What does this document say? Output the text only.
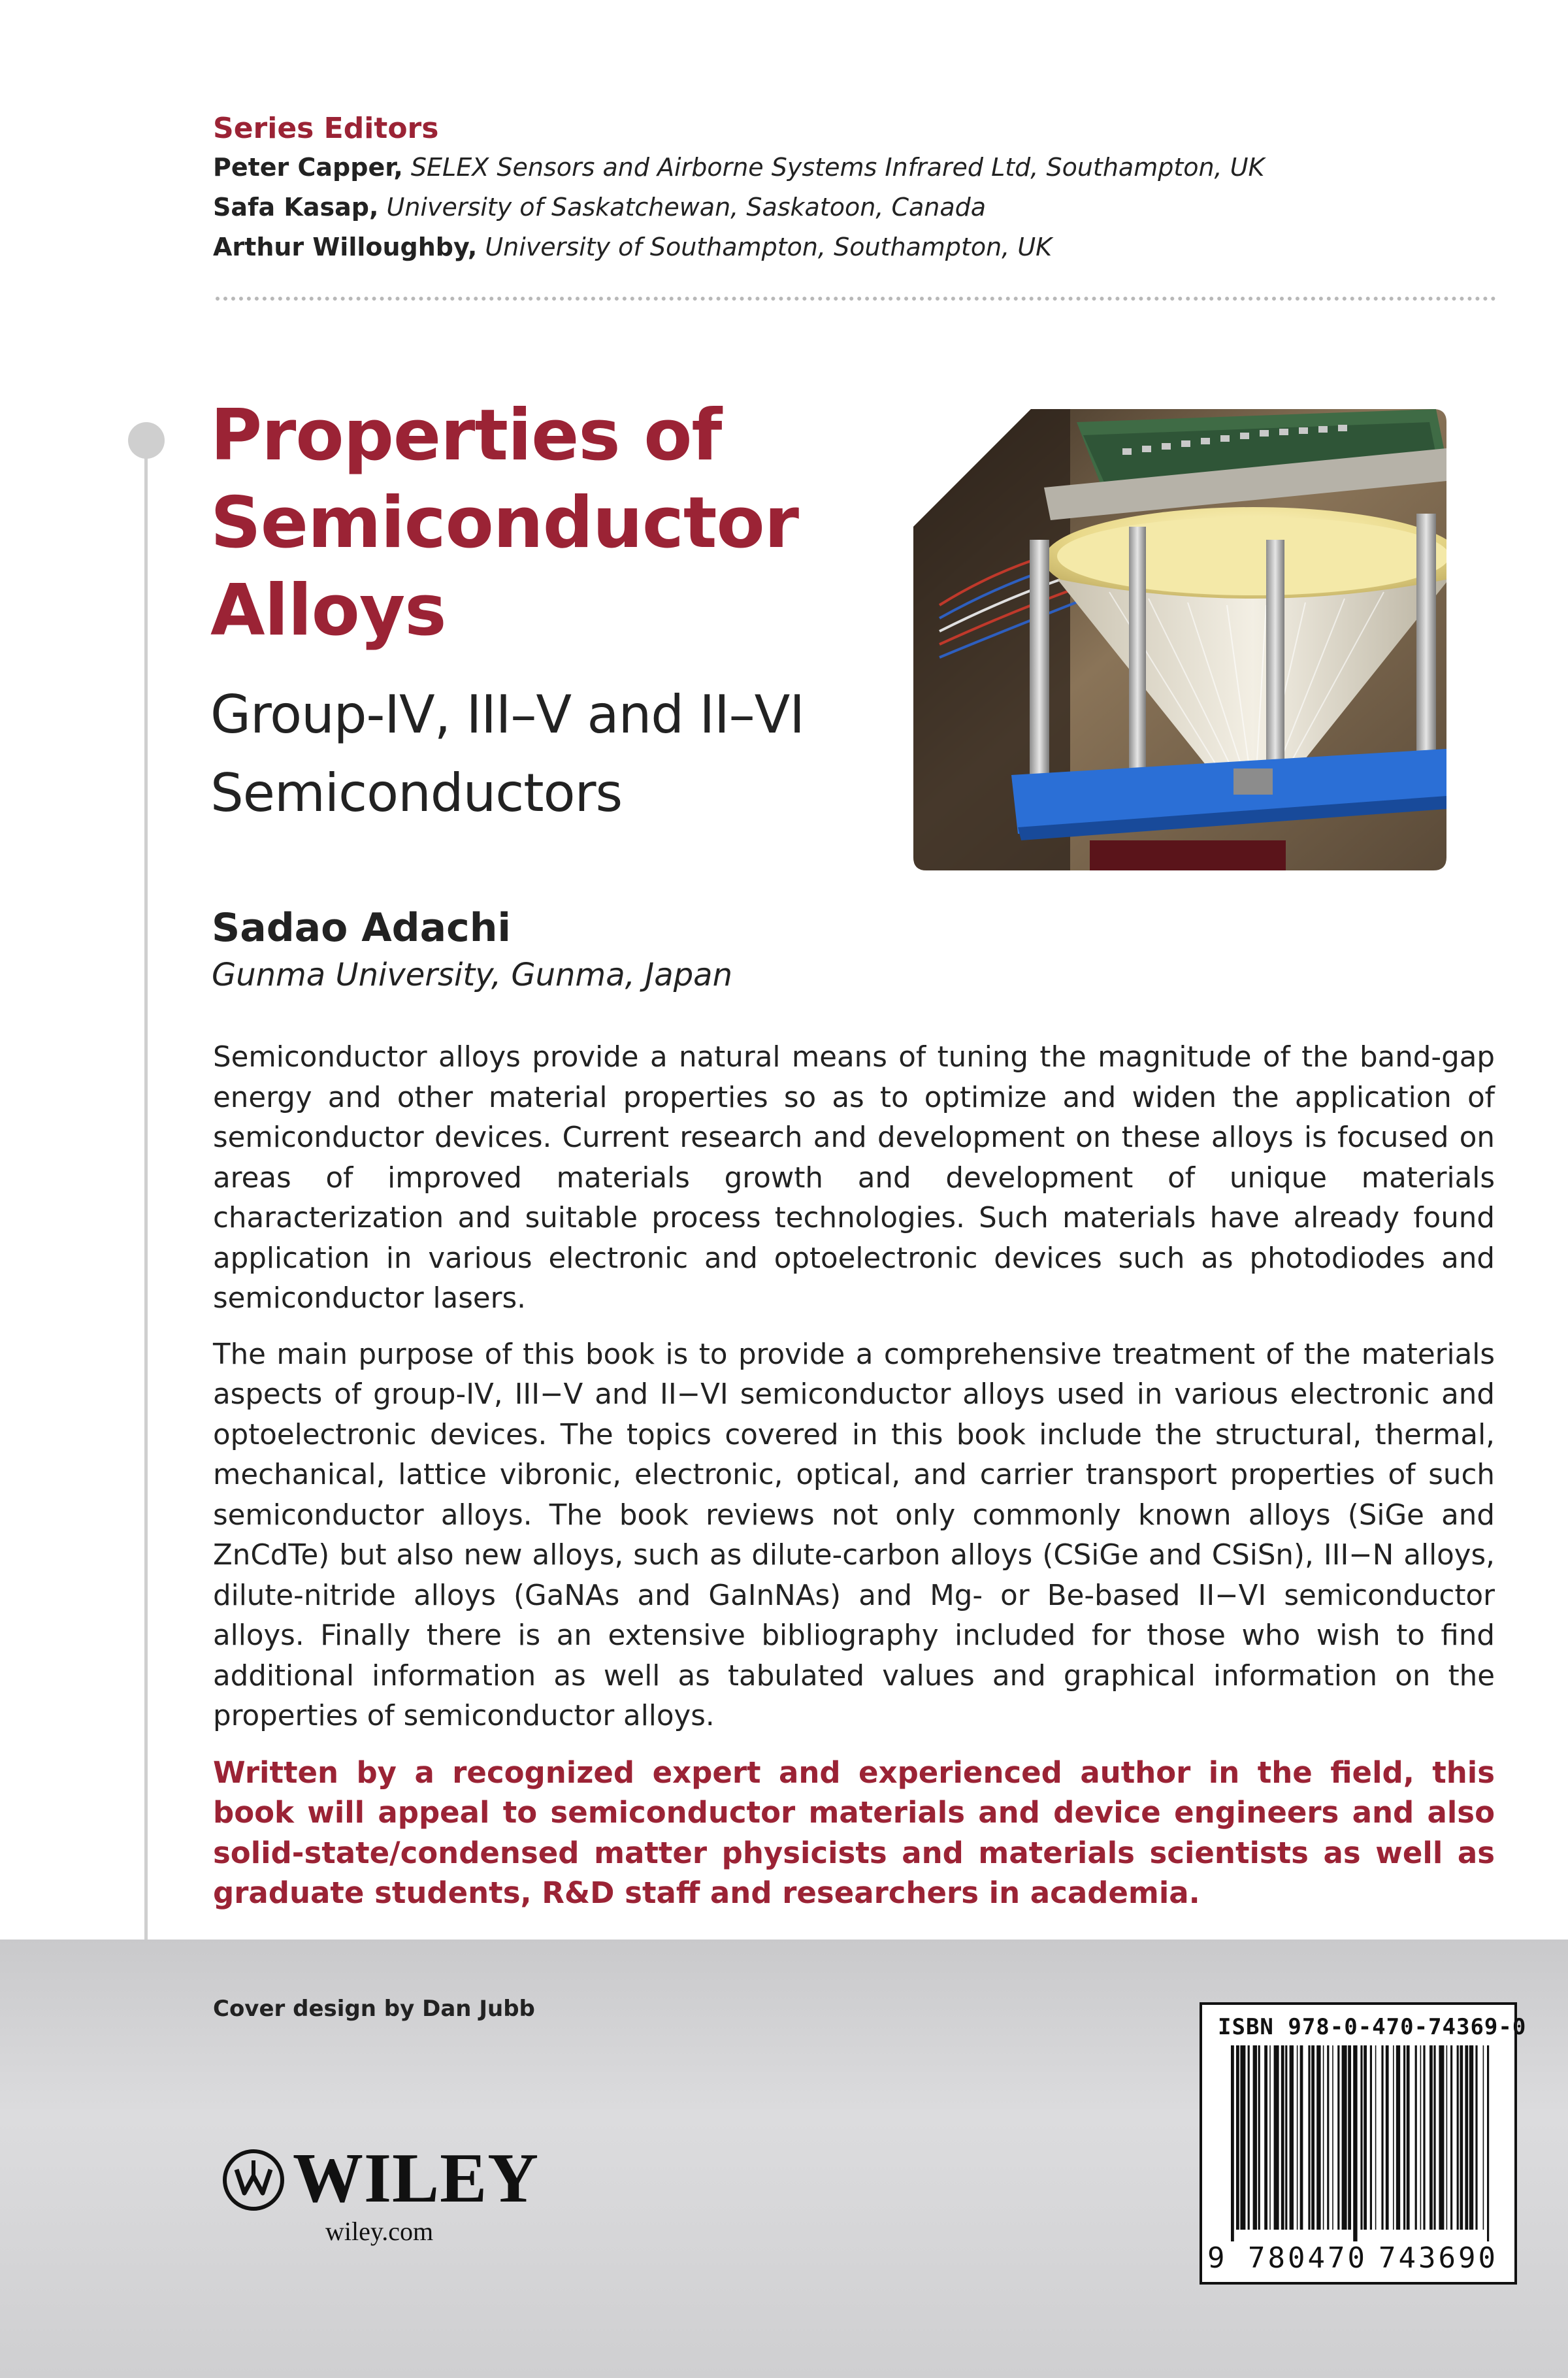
Series Editors
Peter Capper, SELEX Sensors and Airborne Systems Infrared Ltd, Southampton, UK
Safa Kasap, University of Saskatchewan, Saskatoon, Canada
Arthur Willoughby, University of Southampton, Southampton, UK
Properties of
Semiconductor
Alloys
Group-IV, III–V and II–VI
Semiconductors
Sadao Adachi
Gunma University, Gunma, Japan

Semiconductor alloys provide a natural means of tuning the magnitude of the band-gap energy and other material properties so as to optimize and widen the application of semiconductor devices. Current research and development on these alloys is focused on areas of improved materials growth and development of unique materials characterization and suitable process technologies. Such materials have already found application in various electronic and optoelectronic devices such as photodiodes and semiconductor lasers.

The main purpose of this book is to provide a comprehensive treatment of the materials aspects of group-IV, III−V and II−VI semiconductor alloys used in various electronic and optoelectronic devices. The topics covered in this book include the structural, thermal, mechanical, lattice vibronic, electronic, optical, and carrier transport properties of such semiconductor alloys. The book reviews not only commonly known alloys (SiGe and ZnCdTe) but also new alloys, such as dilute-carbon alloys (CSiGe and CSiSn), III−N alloys, dilute-nitride alloys (GaNAs and GaInNAs) and Mg- or Be-based II−VI semiconductor alloys. Finally there is an extensive bibliography included for those who wish to find additional information as well as tabulated values and graphical information on the properties of semiconductor alloys.

Written by a recognized expert and experienced author in the field, this book will appeal to semiconductor materials and device engineers and also solid-state/condensed matter physicists and materials scientists as well as graduate students, R&D staff and researchers in academia.

Cover design by Dan Jubb
WILEY
wiley.com
ISBN 978-0-470-74369-0
9 780470 743690
